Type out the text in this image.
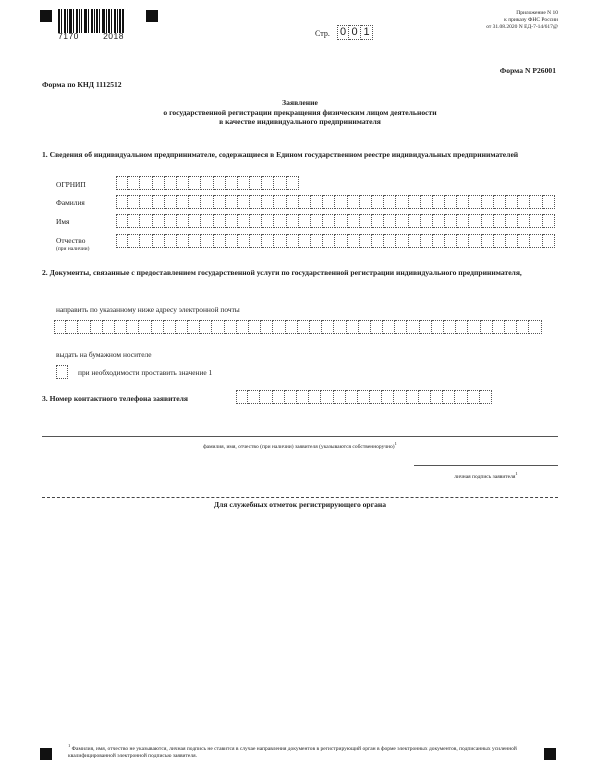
7170	2018	Стр. 0 0 1
Приложение N 10
к приказу ФНС России
от 31.08.2020 N ЕД-7-14/617@
Форма N Р26001
Форма по КНД 1112512
Заявление
о государственной регистрации прекращения физическим лицом деятельности
в качестве индивидуального предпринимателя
1. Сведения об индивидуальном предпринимателе, содержащиеся в Едином государственном реестре индивидуальных предпринимателей
ОГРНИП
Фамилия
Имя
Отчество
(при наличии)
2. Документы, связанные с предоставлением государственной услуги по государственной регистрации индивидуального предпринимателя,
направить по указанному ниже адресу электронной почты
выдать на бумажном носителе
при необходимости проставить значение 1
3. Номер контактного телефона заявителя
фамилия, имя, отчество (при наличии) заявителя (указываются собственноручно)$^1$
личная подпись заявителя$^1$
Для служебных отметок регистрирующего органа
$^1$ Фамилия, имя, отчество не указываются, личная подпись не ставится в случае направления документов в регистрирующий орган в форме электронных документов, подписанных усиленной квалифицированной электронной подписью заявителя.
